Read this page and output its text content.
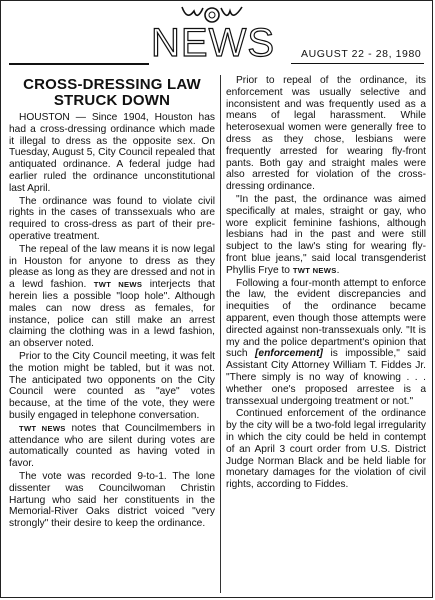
NEWS AUGUST 22 - 28, 1980
CROSS-DRESSING LAW
STRUCK DOWN

HOUSTON — Since 1904, Houston has had a cross-dressing ordinance which made it illegal to dress as the opposite sex. On Tuesday, August 5, City Council repealed that antiquated ordinance. A federal judge had earlier ruled the ordinance unconstitutional last April.

The ordinance was found to violate civil rights in the cases of transsexuals who are required to cross-dress as part of their pre-operative treatment.

The repeal of the law means it is now legal in Houston for anyone to dress as they please as long as they are dressed and not in a lewd fashion. TWT NEWS interjects that herein lies a possible "loop hole". Although males can now dress as females, for instance, police can still make an arrest claiming the clothing was in a lewd fashion, an observer noted.

Prior to the City Council meeting, it was felt the motion might be tabled, but it was not. The anticipated two opponents on the City Council were counted as "aye" votes because, at the time of the vote, they were busily engaged in telephone conversation.

TWT NEWS notes that Councilmembers in attendance who are silent during votes are automatically counted as having voted in favor.

The vote was recorded 9-to-1. The lone dissenter was Councilwoman Christin Hartung who said her constituents in the Memorial-River Oaks district voiced "very strongly" their desire to keep the ordinance.

Prior to repeal of the ordinance, its enforcement was usually selective and inconsistent and was frequently used as a means of legal harassment. While heterosexual women were generally free to dress as they chose, lesbians were frequently arrested for wearing fly-front pants. Both gay and straight males were also arrested for violation of the cross-dressing ordinance.

"In the past, the ordinance was aimed specifically at males, straight or gay, who wore explicit feminine fashions, although lesbians had in the past and were still subject to the law's sting for wearing fly-front blue jeans," said local transgenderist Phyllis Frye to TWT NEWS.

Following a four-month attempt to enforce the law, the evident discrepancies and inequities of the ordinance became apparent, even though those attempts were directed against non-transsexuals only. "It is my and the police department's opinion that such [enforcement] is impossible," said Assistant City Attorney William T. Fiddes Jr. "There simply is no way of knowing . . . whether one's proposed arrestee is a transsexual undergoing treatment or not."

Continued enforcement of the ordinance by the city will be a two-fold legal irregularity in which the city could be held in contempt of an April 3 court order from U.S. District Judge Norman Black and be held liable for monetary damages for the violation of civil rights, according to Fiddes.
